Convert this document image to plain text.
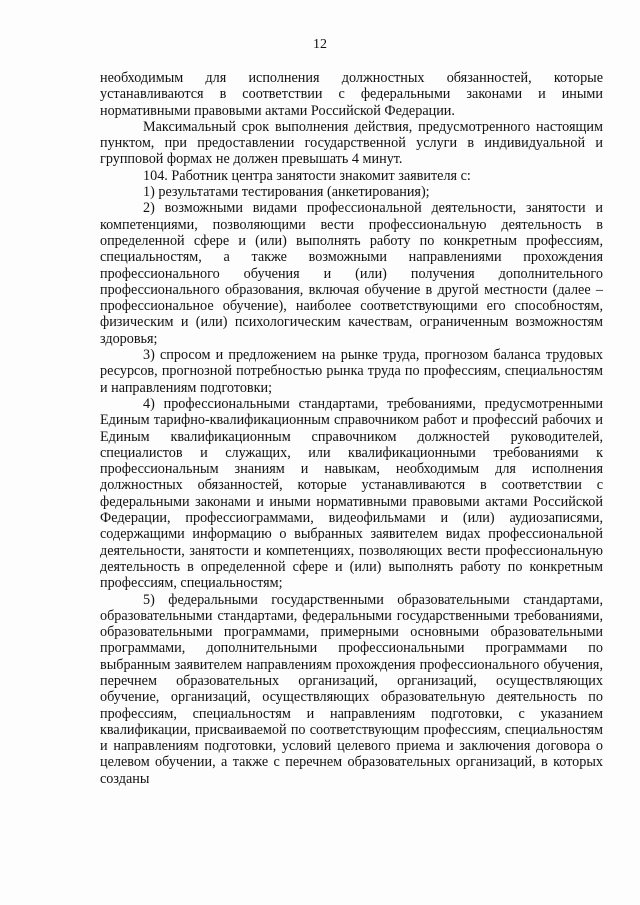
12

необходимым для исполнения должностных обязанностей, которые устанавливаются в соответствии с федеральными законами и иными нормативными правовыми актами Российской Федерации.

Максимальный срок выполнения действия, предусмотренного настоящим пунктом, при предоставлении государственной услуги в индивидуальной и групповой формах не должен превышать 4 минут.

104. Работник центра занятости знакомит заявителя с:

1) результатами тестирования (анкетирования);

2) возможными видами профессиональной деятельности, занятости и компетенциями, позволяющими вести профессиональную деятельность в определенной сфере и (или) выполнять работу по конкретным профессиям, специальностям, а также возможными направлениями прохождения профессионального обучения и (или) получения дополнительного профессионального образования, включая обучение в другой местности (далее – профессиональное обучение), наиболее соответствующими его способностям, физическим и (или) психологическим качествам, ограниченным возможностям здоровья;

3) спросом и предложением на рынке труда, прогнозом баланса трудовых ресурсов, прогнозной потребностью рынка труда по профессиям, специальностям и направлениям подготовки;

4) профессиональными стандартами, требованиями, предусмотренными Единым тарифно-квалификационным справочником работ и профессий рабочих и Единым квалификационным справочником должностей руководителей, специалистов и служащих, или квалификационными требованиями к профессиональным знаниям и навыкам, необходимым для исполнения должностных обязанностей, которые устанавливаются в соответствии с федеральными законами и иными нормативными правовыми актами Российской Федерации, профессиограммами, видеофильмами и (или) аудиозаписями, содержащими информацию о выбранных заявителем видах профессиональной деятельности, занятости и компетенциях, позволяющих вести профессиональную деятельность в определенной сфере и (или) выполнять работу по конкретным профессиям, специальностям;

5) федеральными государственными образовательными стандартами, образовательными стандартами, федеральными государственными требованиями, образовательными программами, примерными основными образовательными программами, дополнительными профессиональными программами по выбранным заявителем направлениям прохождения профессионального обучения, перечнем образовательных организаций, организаций, осуществляющих обучение, организаций, осуществляющих образовательную деятельность по профессиям, специальностям и направлениям подготовки, с указанием квалификации, присваиваемой по соответствующим профессиям, специальностям и направлениям подготовки, условий целевого приема и заключения договора о целевом обучении, а также с перечнем образовательных организаций, в которых созданы
